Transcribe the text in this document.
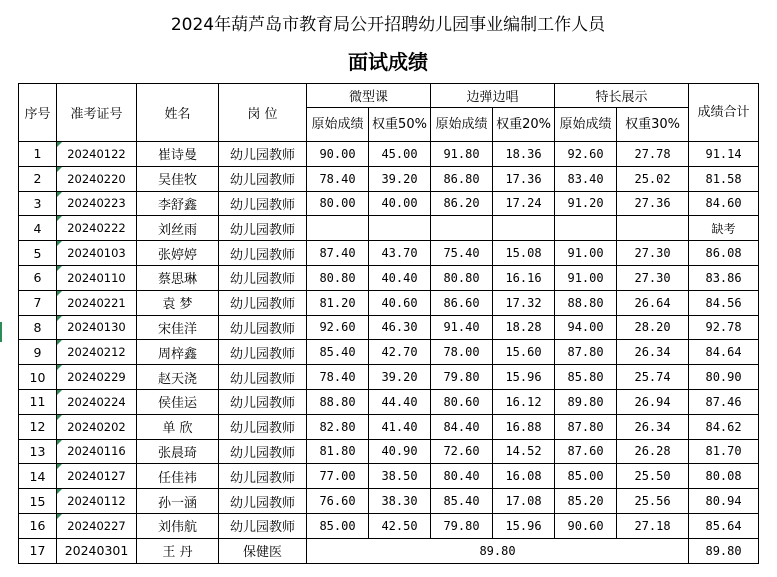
2024年葫芦岛市教育局公开招聘幼儿园事业编制工作人员
面试成绩
序号	准考证号	姓名	岗 位	微型课		边弹边唱		特长展示		成绩合计
				原始成绩	权重50%	原始成绩	权重20%	原始成绩	权重30%	
1	20240122	崔诗曼	幼儿园教师	90.00	45.00	91.80	18.36	92.60	27.78	91.14
2	20240220	吴佳牧	幼儿园教师	78.40	39.20	86.80	17.36	83.40	25.02	81.58
3	20240223	李舒鑫	幼儿园教师	80.00	40.00	86.20	17.24	91.20	27.36	84.60
4	20240222	刘丝雨	幼儿园教师							缺考
5	20240103	张婷婷	幼儿园教师	87.40	43.70	75.40	15.08	91.00	27.30	86.08
6	20240110	蔡思琳	幼儿园教师	80.80	40.40	80.80	16.16	91.00	27.30	83.86
7	20240221	袁 梦	幼儿园教师	81.20	40.60	86.60	17.32	88.80	26.64	84.56
8	20240130	宋佳洋	幼儿园教师	92.60	46.30	91.40	18.28	94.00	28.20	92.78
9	20240212	周梓鑫	幼儿园教师	85.40	42.70	78.00	15.60	87.80	26.34	84.64
10	20240229	赵天浇	幼儿园教师	78.40	39.20	79.80	15.96	85.80	25.74	80.90
11	20240224	侯佳运	幼儿园教师	88.80	44.40	80.60	16.12	89.80	26.94	87.46
12	20240202	单 欣	幼儿园教师	82.80	41.40	84.40	16.88	87.80	26.34	84.62
13	20240116	张晨琦	幼儿园教师	81.80	40.90	72.60	14.52	87.60	26.28	81.70
14	20240127	任佳祎	幼儿园教师	77.00	38.50	80.40	16.08	85.00	25.50	80.08
15	20240112	孙一涵	幼儿园教师	76.60	38.30	85.40	17.08	85.20	25.56	80.94
16	20240227	刘伟航	幼儿园教师	85.00	42.50	79.80	15.96	90.60	27.18	85.64
17	20240301	王 丹	保健医	89.80						89.80
